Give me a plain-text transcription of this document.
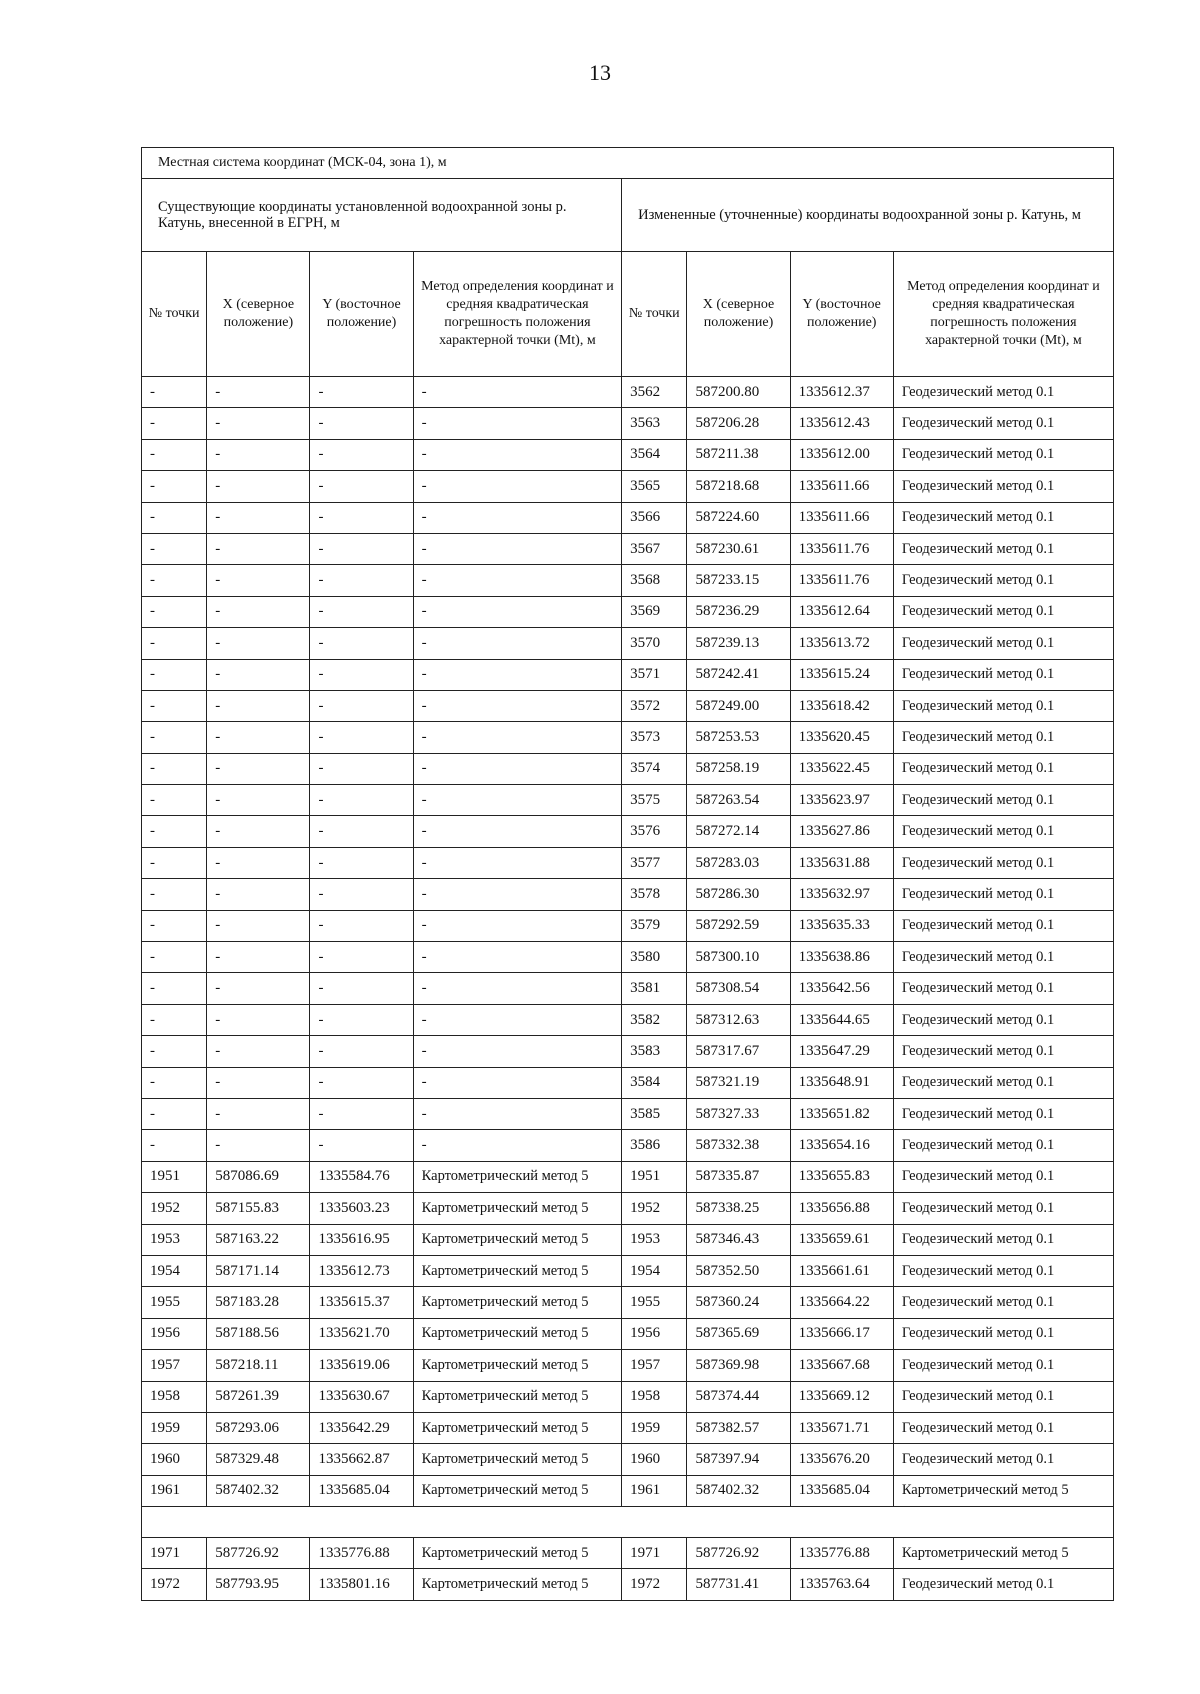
13
Местная система координат (МСК-04, зона 1), м							
Существующие координаты установленной водоохранной зоны р. Катунь, внесенной в ЕГРН, м				Измененные (уточненные) координаты водоохранной зоны р. Катунь, м			
№ точки	X (северное положение)	Y (восточное положение)	Метод определения координат и средняя квадратическая погрешность положения характерной точки (Mt), м	№ точки	X (северное положение)	Y (восточное положение)	Метод определения координат и средняя квадратическая погрешность положения характерной точки (Mt), м
-	-	-	-	3562	587200.80	1335612.37	Геодезический метод 0.1
-	-	-	-	3563	587206.28	1335612.43	Геодезический метод 0.1
-	-	-	-	3564	587211.38	1335612.00	Геодезический метод 0.1
-	-	-	-	3565	587218.68	1335611.66	Геодезический метод 0.1
-	-	-	-	3566	587224.60	1335611.66	Геодезический метод 0.1
-	-	-	-	3567	587230.61	1335611.76	Геодезический метод 0.1
-	-	-	-	3568	587233.15	1335611.76	Геодезический метод 0.1
-	-	-	-	3569	587236.29	1335612.64	Геодезический метод 0.1
-	-	-	-	3570	587239.13	1335613.72	Геодезический метод 0.1
-	-	-	-	3571	587242.41	1335615.24	Геодезический метод 0.1
-	-	-	-	3572	587249.00	1335618.42	Геодезический метод 0.1
-	-	-	-	3573	587253.53	1335620.45	Геодезический метод 0.1
-	-	-	-	3574	587258.19	1335622.45	Геодезический метод 0.1
-	-	-	-	3575	587263.54	1335623.97	Геодезический метод 0.1
-	-	-	-	3576	587272.14	1335627.86	Геодезический метод 0.1
-	-	-	-	3577	587283.03	1335631.88	Геодезический метод 0.1
-	-	-	-	3578	587286.30	1335632.97	Геодезический метод 0.1
-	-	-	-	3579	587292.59	1335635.33	Геодезический метод 0.1
-	-	-	-	3580	587300.10	1335638.86	Геодезический метод 0.1
-	-	-	-	3581	587308.54	1335642.56	Геодезический метод 0.1
-	-	-	-	3582	587312.63	1335644.65	Геодезический метод 0.1
-	-	-	-	3583	587317.67	1335647.29	Геодезический метод 0.1
-	-	-	-	3584	587321.19	1335648.91	Геодезический метод 0.1
-	-	-	-	3585	587327.33	1335651.82	Геодезический метод 0.1
-	-	-	-	3586	587332.38	1335654.16	Геодезический метод 0.1
1951	587086.69	1335584.76	Картометрический метод 5	1951	587335.87	1335655.83	Геодезический метод 0.1
1952	587155.83	1335603.23	Картометрический метод 5	1952	587338.25	1335656.88	Геодезический метод 0.1
1953	587163.22	1335616.95	Картометрический метод 5	1953	587346.43	1335659.61	Геодезический метод 0.1
1954	587171.14	1335612.73	Картометрический метод 5	1954	587352.50	1335661.61	Геодезический метод 0.1
1955	587183.28	1335615.37	Картометрический метод 5	1955	587360.24	1335664.22	Геодезический метод 0.1
1956	587188.56	1335621.70	Картометрический метод 5	1956	587365.69	1335666.17	Геодезический метод 0.1
1957	587218.11	1335619.06	Картометрический метод 5	1957	587369.98	1335667.68	Геодезический метод 0.1
1958	587261.39	1335630.67	Картометрический метод 5	1958	587374.44	1335669.12	Геодезический метод 0.1
1959	587293.06	1335642.29	Картометрический метод 5	1959	587382.57	1335671.71	Геодезический метод 0.1
1960	587329.48	1335662.87	Картометрический метод 5	1960	587397.94	1335676.20	Геодезический метод 0.1
1961	587402.32	1335685.04	Картометрический метод 5	1961	587402.32	1335685.04	Картометрический метод 5

1971	587726.92	1335776.88	Картометрический метод 5	1971	587726.92	1335776.88	Картометрический метод 5
1972	587793.95	1335801.16	Картометрический метод 5	1972	587731.41	1335763.64	Геодезический метод 0.1
